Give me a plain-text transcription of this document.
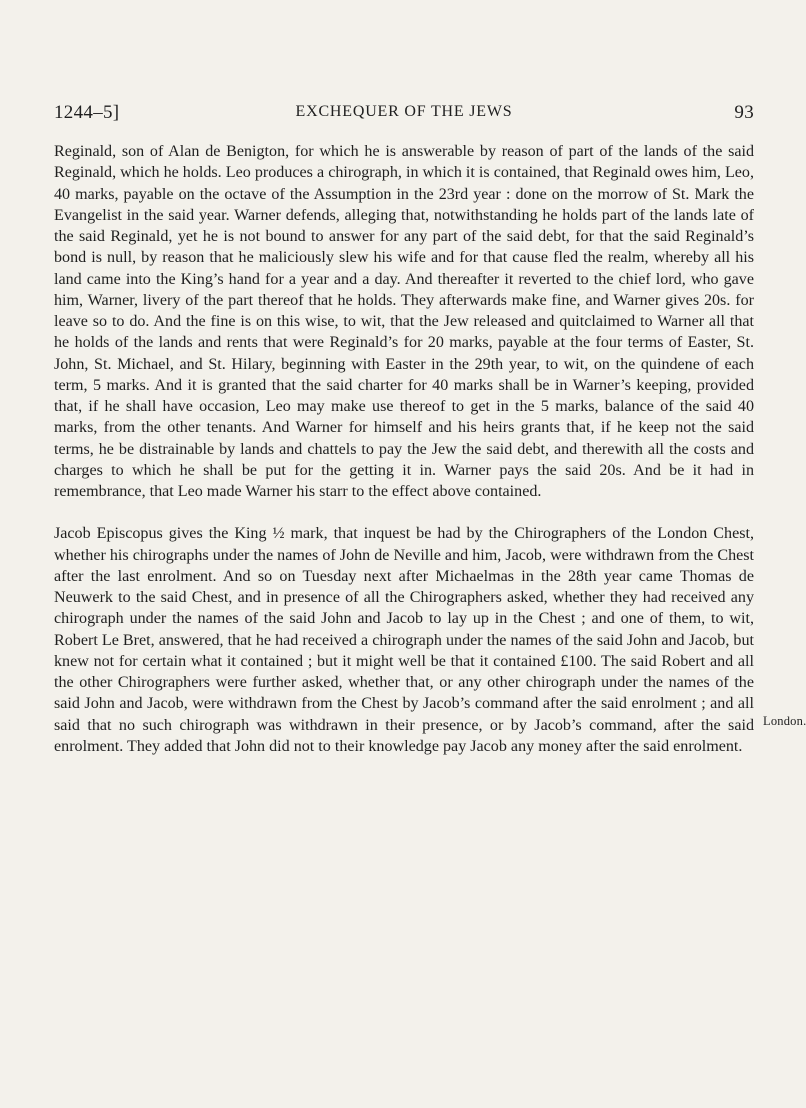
1244–5]	EXCHEQUER OF THE JEWS	93

Reginald, son of Alan de Benigton, for which he is answerable by reason of part of the lands of the said Reginald, which he holds. Leo produces a chirograph, in which it is contained, that Reginald owes him, Leo, 40 marks, payable on the octave of the Assumption in the 23rd year : done on the morrow of St. Mark the Evangelist in the said year. Warner defends, alleging that, notwithstanding he holds part of the lands late of the said Reginald, yet he is not bound to answer for any part of the said debt, for that the said Reginald’s bond is null, by reason that he maliciously slew his wife and for that cause fled the realm, whereby all his land came into the King’s hand for a year and a day. And thereafter it reverted to the chief lord, who gave him, Warner, livery of the part thereof that he holds. They afterwards make fine, and Warner gives 20s. for leave so to do. And the fine is on this wise, to wit, that the Jew released and quitclaimed to Warner all that he holds of the lands and rents that were Reginald’s for 20 marks, payable at the four terms of Easter, St. John, St. Michael, and St. Hilary, beginning with Easter in the 29th year, to wit, on the quindene of each term, 5 marks. And it is granted that the said charter for 40 marks shall be in Warner’s keeping, provided that, if he shall have occasion, Leo may make use thereof to get in the 5 marks, balance of the said 40 marks, from the other tenants. And Warner for himself and his heirs grants that, if he keep not the said terms, he be distrainable by lands and chattels to pay the Jew the said debt, and therewith all the costs and charges to which he shall be put for the getting it in. Warner pays the said 20s. And be it had in remembrance, that Leo made Warner his starr to the effect above contained.

Jacob Episcopus gives the King ½ mark, that inquest be had by the Chirographers of the London Chest, whether his chirographs under the names of John de Neville and him, Jacob, were withdrawn from the Chest after the last enrolment. And so on Tuesday next after Michaelmas in the 28th year came Thomas de Neuwerk to the said Chest, and in presence of all the Chirographers asked, whether they had received any chirograph under the names of the said John and Jacob to lay up in the Chest ; and one of them, to wit, Robert Le Bret, answered, that he had received a chirograph under the names of the said John and Jacob, but knew not for certain what it contained ; but it might well be that it contained £100. The said Robert and all the other Chirographers were further asked, whether that, or any other chirograph under the names of the said John and Jacob, were withdrawn from the Chest by Jacob’s command after the said enrolment ; and all said that no such chirograph was withdrawn in their presence, or by Jacob’s command, after the said enrolment. They added that John did not to their knowledge pay Jacob any money after the said enrolment.

London.
